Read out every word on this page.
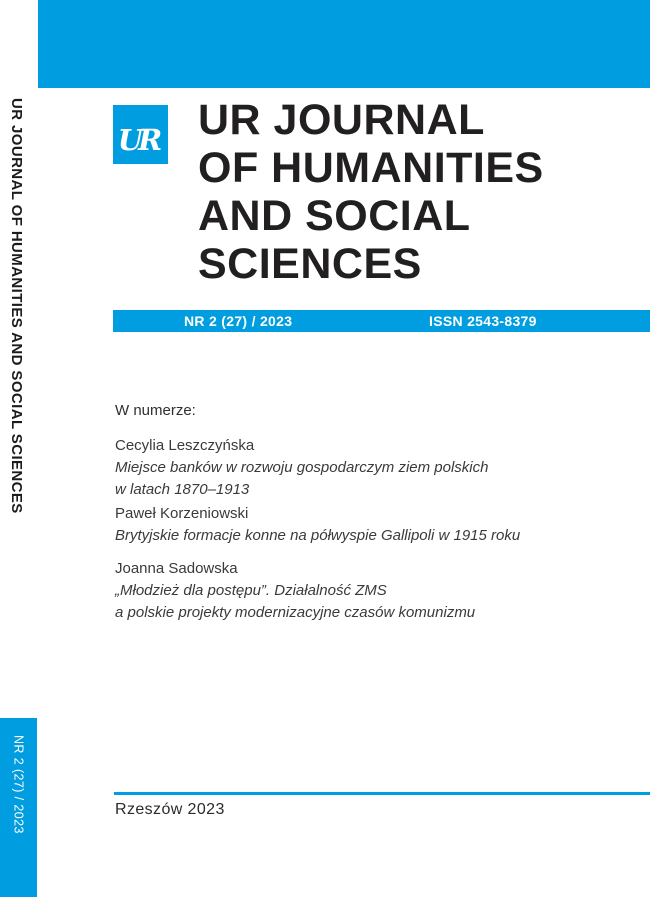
UR JOURNAL OF HUMANITIES AND SOCIAL SCIENCES
NR 2 (27) / 2023
UR UR JOURNAL
OF HUMANITIES
AND SOCIAL
SCIENCES
NR 2 (27) / 2023	ISSN 2543-8379
W numerze:
Cecylia Leszczyńska
Miejsce banków w rozwoju gospodarczym ziem polskich
w latach 1870–1913
Paweł Korzeniowski
Brytyjskie formacje konne na półwyspie Gallipoli w 1915 roku
Joanna Sadowska
„Młodzież dla postępu”. Działalność ZMS
a polskie projekty modernizacyjne czasów komunizmu
Rzeszów 2023
